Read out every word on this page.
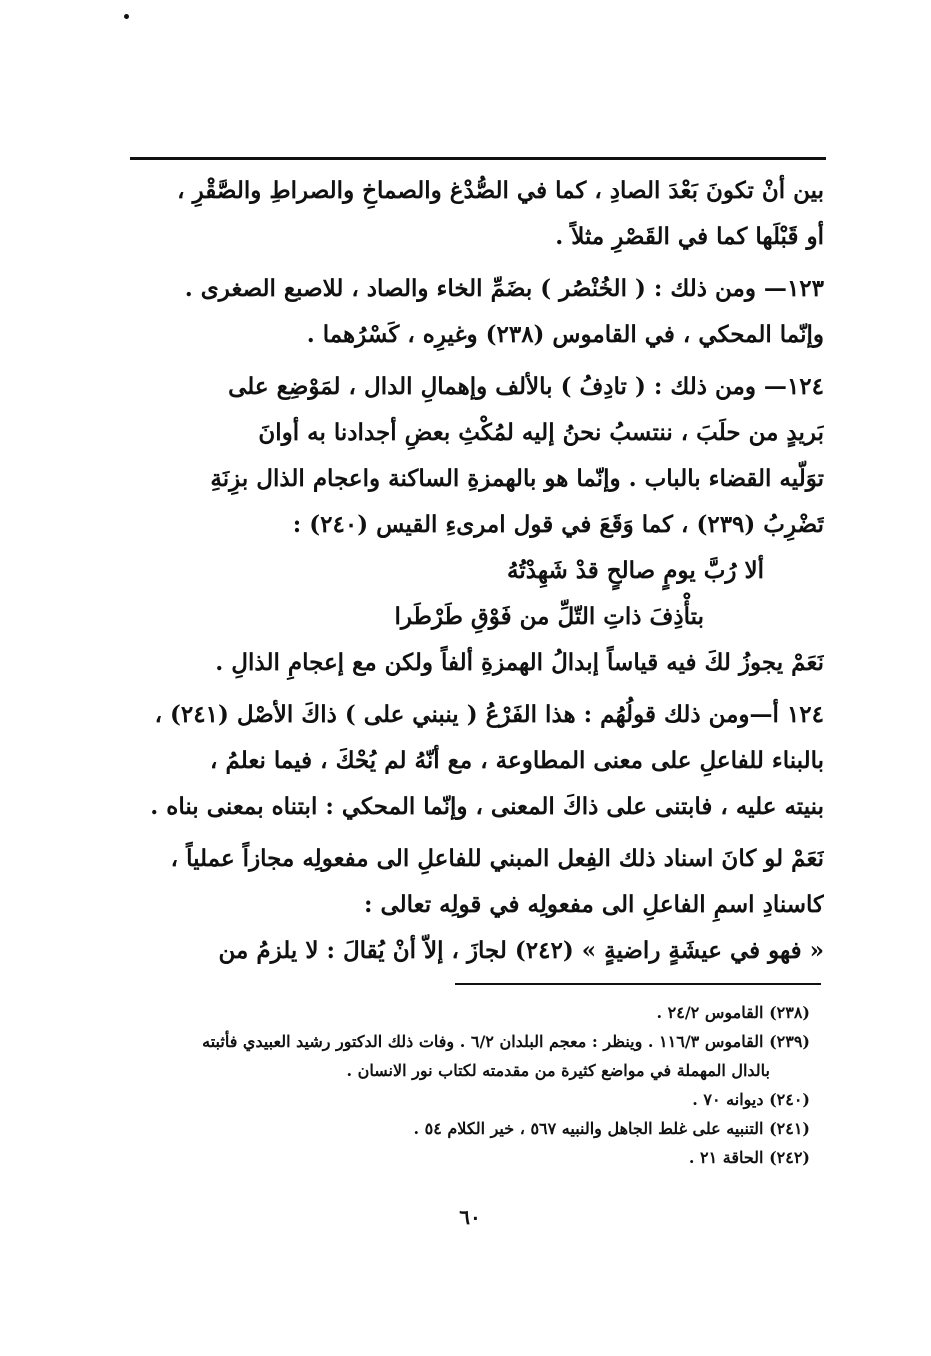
بين أنْ تكونَ بَعْدَ الصادِ ، كما في الصُّدْغ والصماخِ والصراطِ والصَّقْرِ ،
أو قَبْلَها كما في القَصْرِ مثلاً .
١٢٣— ومن ذلك : ( الخُنْصُر ) بضَمِّ الخاء والصاد ، للاصبع الصغرى .
وإنّما المحكي ، في القاموس (٢٣٨) وغيرِه ، كَسْرُهما .
١٢٤— ومن ذلك : ( تادِفُ ) بالألف وإهمالِ الدال ، لمَوْضِع على
بَريدٍ من حلَبَ ، ننتسبُ نحنُ إليه لمُكْثِ بعضِ أجدادنا به أوانَ
توَلّيه القضاء بالباب . وإنّما هو بالهمزةِ الساكنة واعجام الذال بزِنَةِ
تَضْرِبُ (٢٣٩) ، كما وَقَعَ في قول امرىءِ القيس (٢٤٠) :
ألا رُبَّ يومٍ صالحٍ قدْ شَهِدْتُهُ
بتأْذِفَ ذاتِ التّلِّ من فَوْقِ طَرْطَرا
نَعَمْ يجوزُ لكَ فيه قياساً إبدالُ الهمزةِ ألفاً ولكن مع إعجامِ الذالِ .
١٢٤ أ—ومن ذلك قولُهُم : هذا الفَرْعُ ( ينبني على ) ذاكَ الأصْل (٢٤١) ،
بالبناء للفاعلِ على معنى المطاوعة ، مع أنّهُ لم يُحْكَ ، فيما نعلمُ ،
بنيته عليه ، فابتنى على ذاكَ المعنى ، وإنّما المحكي : ابتناه بمعنى بناه .
نَعَمْ لو كانَ اسناد ذلك الفِعل المبني للفاعلِ الى مفعولِه مجازاً عملياً ،
كاسنادِ اسمِ الفاعلِ الى مفعولِه في قولِه تعالى :
« فهو في عيشَةٍ راضيةٍ » (٢٤٢) لجازَ ، إلاّ أنْ يُقالَ : لا يلزمُ من
(٢٣٨) القاموس ٢٤/٢ .
(٢٣٩) القاموس ١١٦/٣ . وينظر : معجم البلدان ٦/٢ . وفات ذلك الدكتور رشيد العبيدي فأثبته
بالدال المهملة في مواضع كثيرة من مقدمته لكتاب نور الانسان .
(٢٤٠) ديوانه ٧٠ .
(٢٤١) التنبيه على غلط الجاهل والنبيه ٥٦٧ ، خير الكلام ٥٤ .
(٢٤٢) الحاقة ٢١ .
٦٠
